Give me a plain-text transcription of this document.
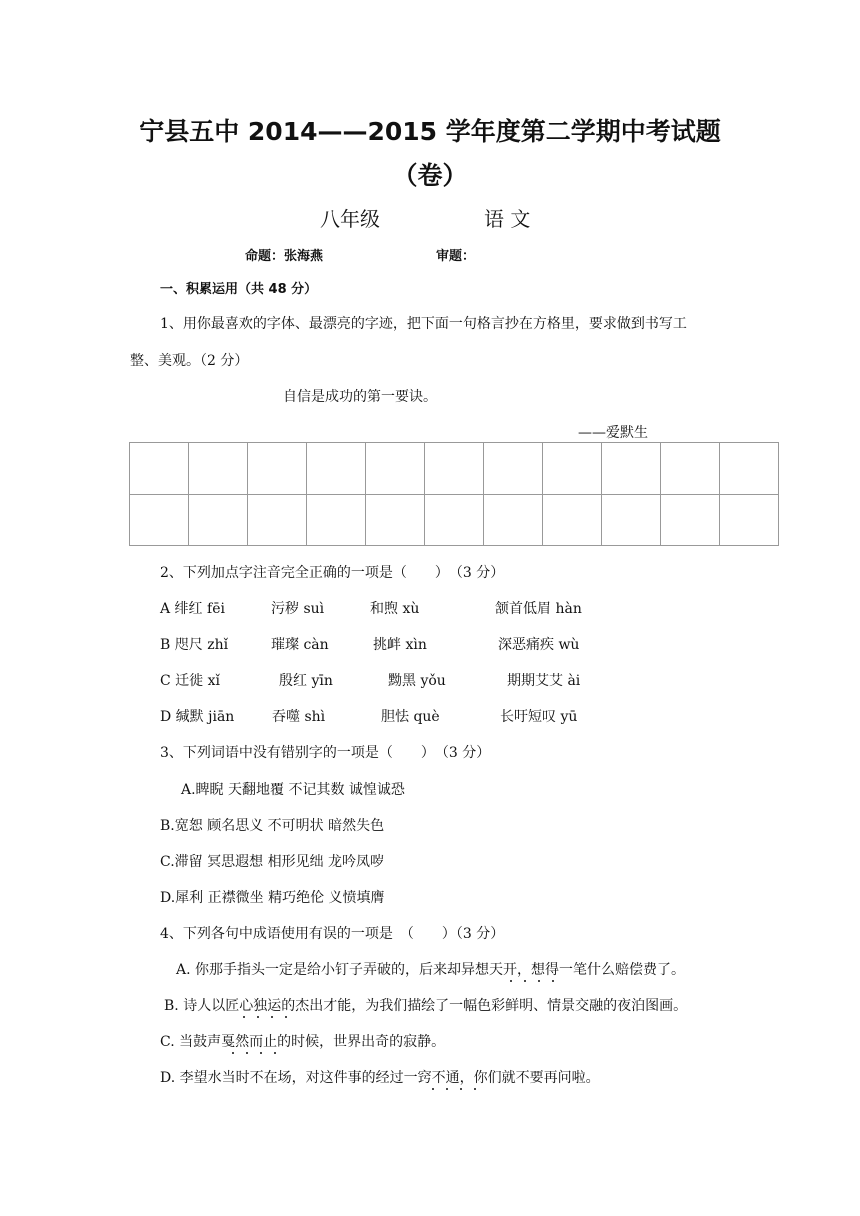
宁县五中 2014——2015 学年度第二学期中考试题
（卷）
八年级	语 文
命题：张海燕	审题：
一、积累运用（共 48 分）
1、用你最喜欢的字体、最漂亮的字迹，把下面一句格言抄在方格里，要求做到书写工
整、美观。（2 分）
自信是成功的第一要诀。
——爱默生
2、下列加点字注音完全正确的一项是（　　）　（3 分）
A 绯红 fēi	污秽 suì	和煦 xù	颔首低眉 hàn
B 咫尺 zhǐ	璀璨 càn	挑衅 xìn	深恶痛疾 wù
C 迁徙 xǐ	殷红 yīn	黝黑 yǒu	期期艾艾 ài
D 缄默 jiān	吞噬 shì	胆怯 què	长吁短叹 yū
3、下列词语中没有错别字的一项是（　　）　（3 分）
A.睥睨 天翻地覆 不记其数 诚惶诚恐
B.宽恕 顾名思义 不可明状 暗然失色
C.滞留 冥思遐想 相形见绌 龙吟凤哕
D.犀利 正襟微坐 精巧绝伦 义愤填膺
4、下列各句中成语使用有误的一项是　（　　）（3 分）
A. 你那手指头一定是给小钉子弄破的，后来却异想天开，想得一笔什么赔偿费了。
B. 诗人以匠心独运的杰出才能，为我们描绘了一幅色彩鲜明、情景交融的夜泊图画。
C. 当鼓声戛然而止的时候，世界出奇的寂静。
D. 李望水当时不在场，对这件事的经过一窍不通，你们就不要再问啦。
